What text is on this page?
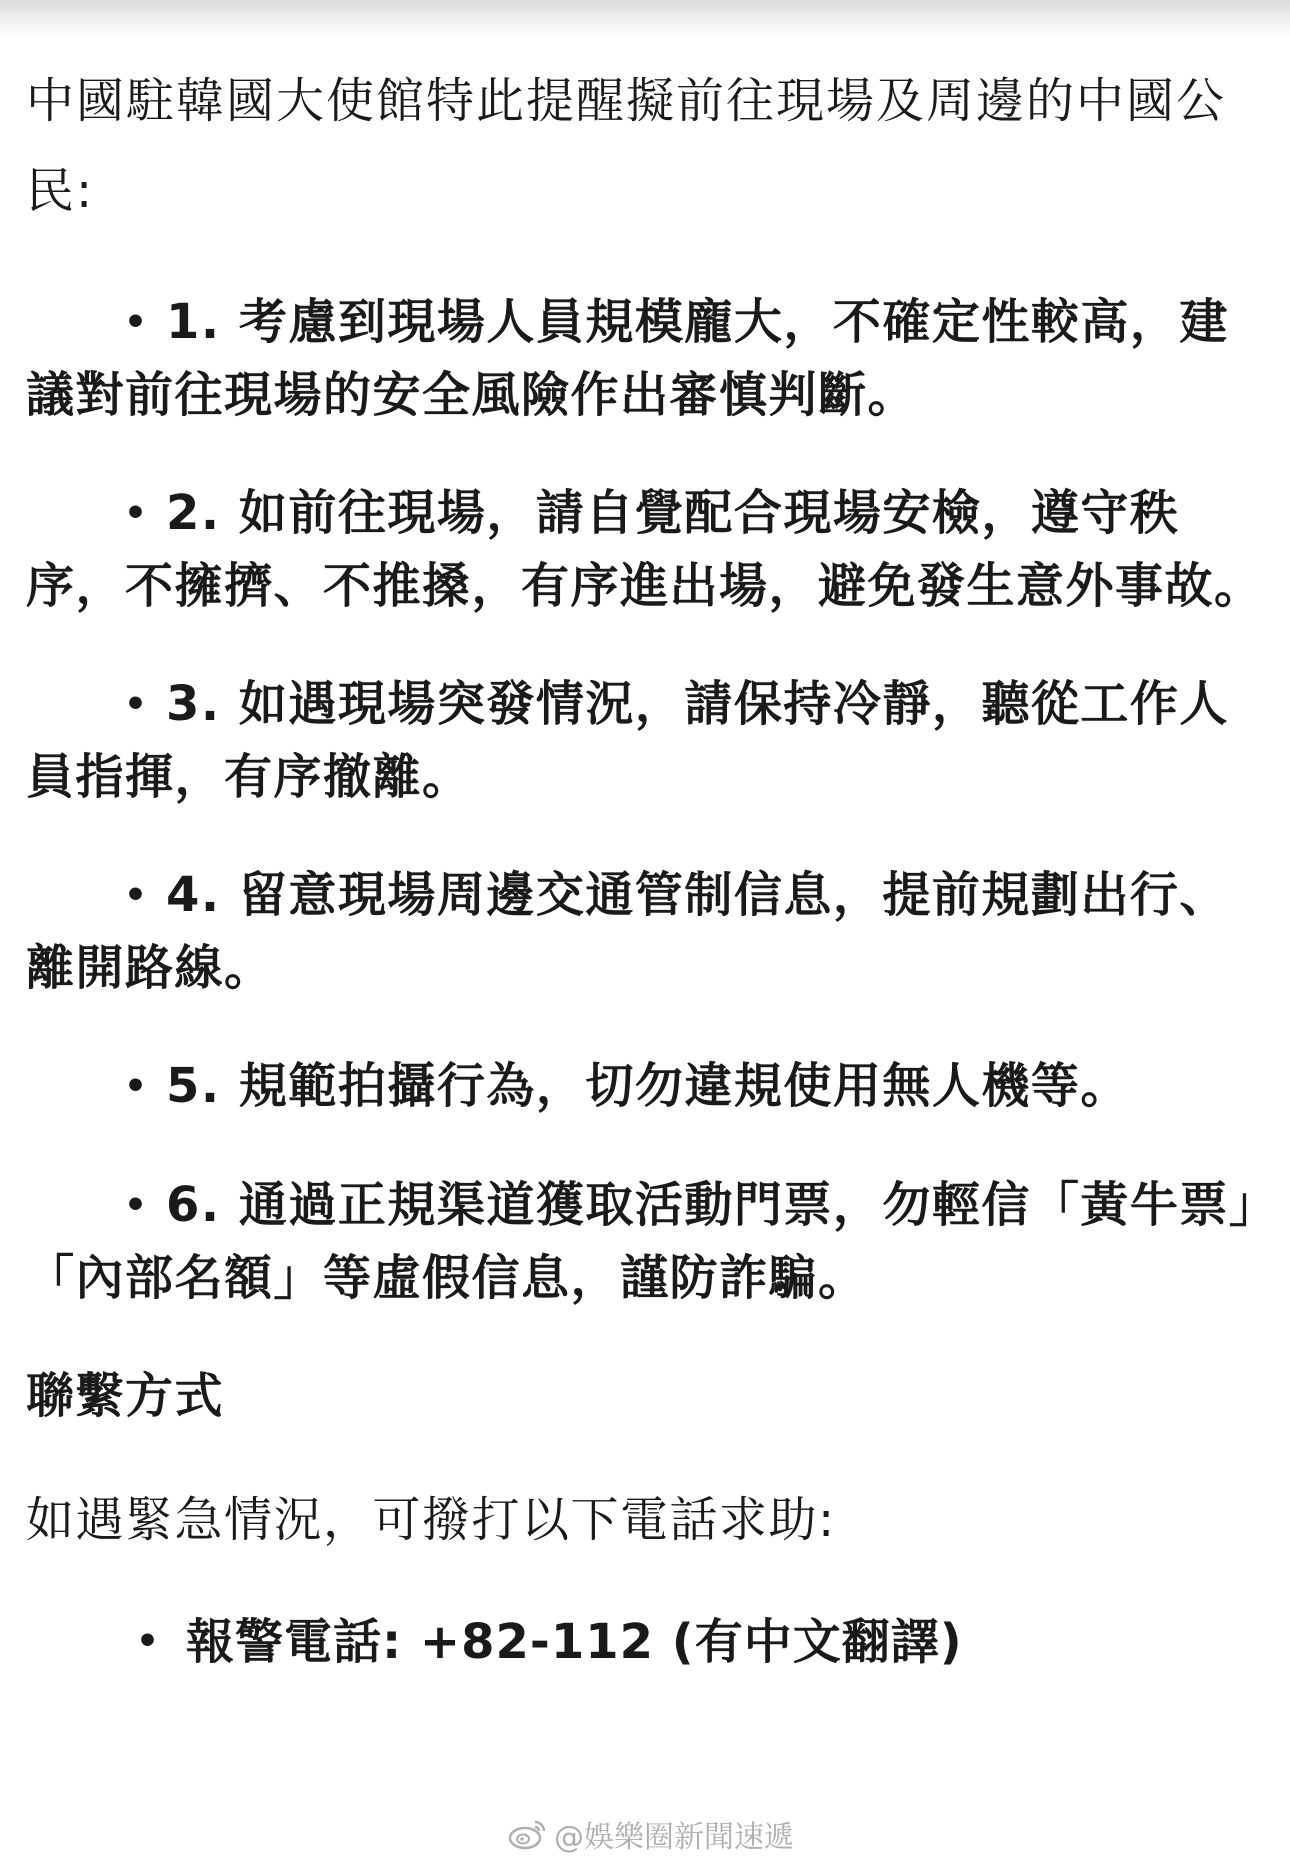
中國駐韓國大使館特此提醒擬前往現場及周邊的中國公民:

• 1. 考慮到現場人員規模龐大，不確定性較高，建議對前往現場的安全風險作出審慎判斷。

• 2. 如前往現場，請自覺配合現場安檢，遵守秩序，不擁擠、不推搡，有序進出場，避免發生意外事故。

• 3. 如遇現場突發情況，請保持冷靜，聽從工作人員指揮，有序撤離。

• 4. 留意現場周邊交通管制信息，提前規劃出行、離開路線。

• 5. 規範拍攝行為，切勿違規使用無人機等。

• 6. 通過正規渠道獲取活動門票，勿輕信「黃牛票」「內部名額」等虛假信息，謹防詐騙。

聯繫方式

如遇緊急情況，可撥打以下電話求助:

• 報警電話: +82-112 (有中文翻譯)

@娛樂圈新聞速遞
